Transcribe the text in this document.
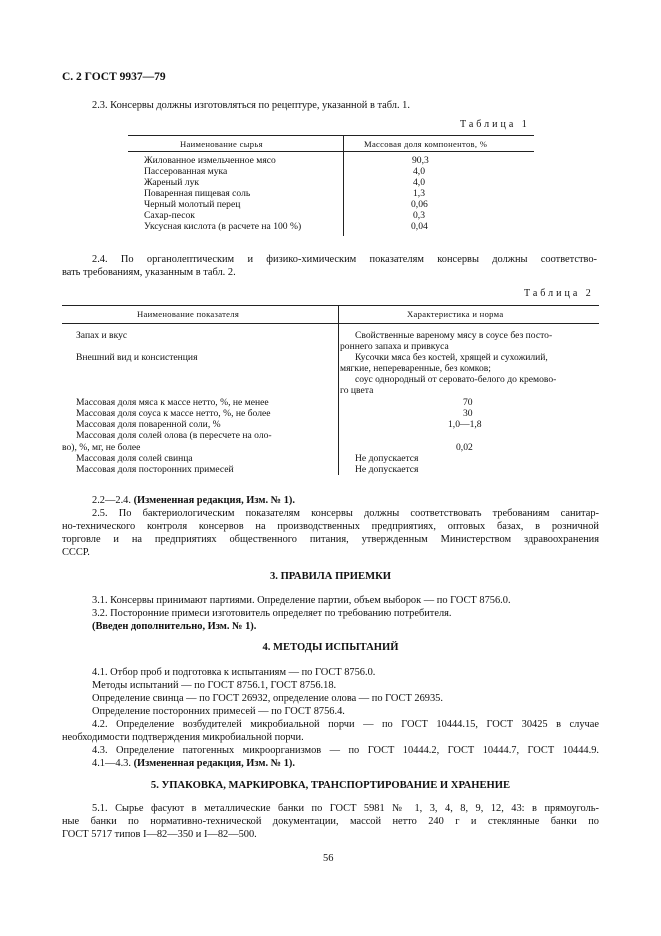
С. 2 ГОСТ 9937—79
2.3. Консервы должны изготовляться по рецептуре, указанной в табл. 1.
Таблица 1
Наименование сырья	Массовая доля компонентов, %
Жилованное измельченное мясо	90,3
Пассерованная мука	4,0
Жареный лук	4,0
Поваренная пищевая соль	1,3
Черный молотый перец	0,06
Сахар-песок	0,3
Уксусная кислота (в расчете на 100 %)	0,04
2.4. По органолептическим и физико-химическим показателям консервы должны соответство-
вать требованиям, указанным в табл. 2.
Таблица 2
Наименование показателя	Характеристика и норма
Запах и вкус	Свойственные вареному мясу в соусе без посто-
роннего запаха и привкуса
Внешний вид и консистенция	Кусочки мяса без костей, хрящей и сухожилий,
мягкие, непереваренные, без комков;
соус однородный от серовато-белого до кремово-
го цвета
Массовая доля мяса к массе нетто, %, не менее	70
Массовая доля соуса к массе нетто, %, не более	30
Массовая доля поваренной соли, %	1,0—1,8
Массовая доля солей олова (в пересчете на оло-
во), %, мг, не более	0,02
Массовая доля солей свинца	Не допускается
Массовая доля посторонних примесей	Не допускается
2.2—2.4. (Измененная редакция, Изм. № 1).
2.5. По бактериологическим показателям консервы должны соответствовать требованиям санитар-
но-технического контроля консервов на производственных предприятиях, оптовых базах, в розничной
торговле и на предприятиях общественного питания, утвержденным Министерством здравоохранения
СССР.
3. ПРАВИЛА ПРИЕМКИ
3.1. Консервы принимают партиями. Определение партии, объем выборок — по ГОСТ 8756.0.
3.2. Посторонние примеси изготовитель определяет по требованию потребителя.
(Введен дополнительно, Изм. № 1).
4. МЕТОДЫ ИСПЫТАНИЙ
4.1. Отбор проб и подготовка к испытаниям — по ГОСТ 8756.0.
Методы испытаний — по ГОСТ 8756.1, ГОСТ 8756.18.
Определение свинца — по ГОСТ 26932, определение олова — по ГОСТ 26935.
Определение посторонних примесей — по ГОСТ 8756.4.
4.2. Определение возбудителей микробиальной порчи — по ГОСТ 10444.15, ГОСТ 30425 в случае
необходимости подтверждения микробиальной порчи.
4.3. Определение патогенных микроорганизмов — по ГОСТ 10444.2, ГОСТ 10444.7, ГОСТ 10444.9.
4.1—4.3. (Измененная редакция, Изм. № 1).
5. УПАКОВКА, МАРКИРОВКА, ТРАНСПОРТИРОВАНИЕ И ХРАНЕНИЕ
5.1. Сырье фасуют в металлические банки по ГОСТ 5981 № 1, 3, 4, 8, 9, 12, 43: в прямоуголь-
ные банки по нормативно-технической документации, массой нетто 240 г и стеклянные банки по
ГОСТ 5717 типов I—82—350 и I—82—500.
56
